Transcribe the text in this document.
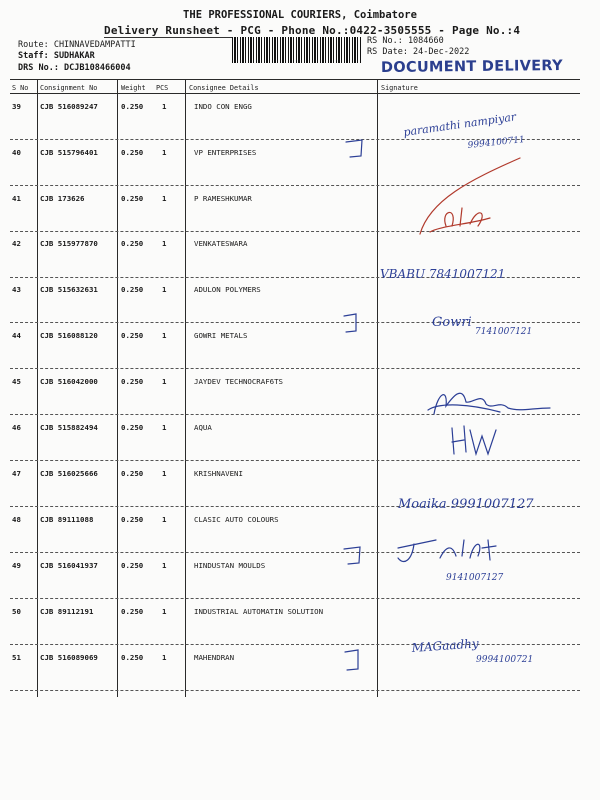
THE PROFESSIONAL COURIERS, Coimbatore
Delivery Runsheet - PCG - Phone No.:0422-3505555 - Page No.:4
Route: CHINNAVEDAMPATTI
Staff: SUDHAKAR
DRS No.: DCJB108466004
RS No.: 1084660
RS Date: 24-Dec-2022
DOCUMENT DELIVERY
S No Consignment No	Weight PCS	Consignee Details	Signature
39	CJB 516089247	0.250	1	INDO CON ENGG
40	CJB 515796401	0.250	1	VP ENTERPRISES
41	CJB 173626	0.250	1	P RAMESHKUMAR
42	CJB 515977870	0.250	1	VENKATESWARA
43	CJB 515632631	0.250	1	ADULON POLYMERS
44	CJB 516088120	0.250	1	GOWRI METALS
45	CJB 516042000	0.250	1	JAYDEV TECHNOCRAF6TS
46	CJB 515882494	0.250	1	AQUA
47	CJB 516025666	0.250	1	KRISHNAVENI
48	CJB 89111088	0.250	1	CLASIC AUTO COLOURS
49	CJB 516041937	0.250	1	HINDUSTAN MOULDS
50	CJB 89112191	0.250	1	INDUSTRIAL AUTOMATIN SOLUTION
51	CJB 516089069	0.250	1	MAHENDRAN
paramathi nampiyar
9994100711
VBABU 7841007121
Gowri
7141007121
Moaika 9991007127
9141007127
MAGaadhy
9994100721
